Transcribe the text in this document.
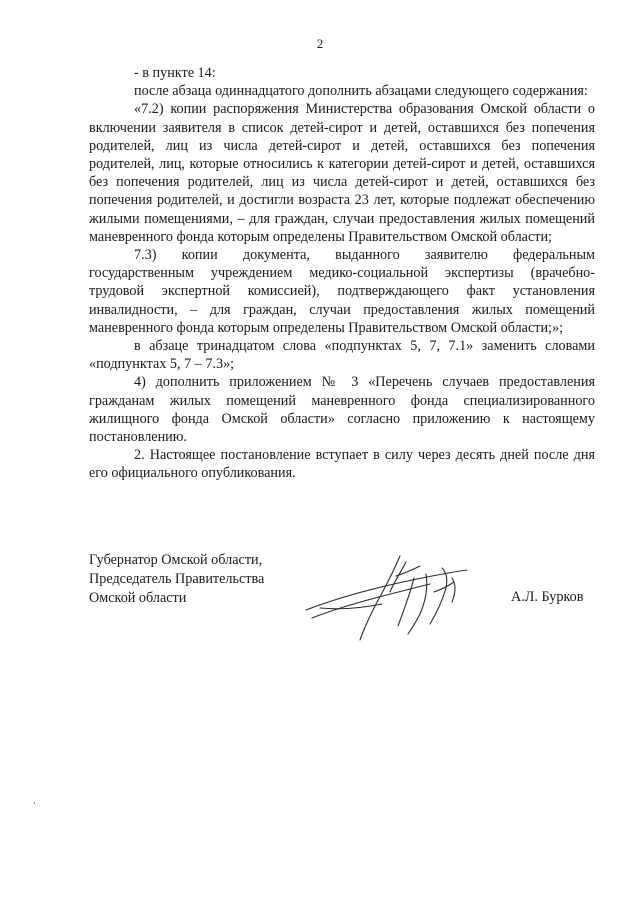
2

- в пункте 14:

после абзаца одиннадцатого дополнить абзацами следующего содержания:

«7.2) копии распоряжения Министерства образования Омской области о включении заявителя в список детей-сирот и детей, оставшихся без попечения родителей, лиц из числа детей-сирот и детей, оставшихся без попечения родителей, лиц, которые относились к категории детей-сирот и детей, оставшихся без попечения родителей, лиц из числа детей-сирот и детей, оставшихся без попечения родителей, и достигли возраста 23 лет, которые подлежат обеспечению жилыми помещениями, – для граждан, случаи предоставления жилых помещений маневренного фонда которым определены Правительством Омской области;

7.3) копии документа, выданного заявителю федеральным государственным учреждением медико-социальной экспертизы (врачебно-трудовой экспертной комиссией), подтверждающего факт установления инвалидности, – для граждан, случаи предоставления жилых помещений маневренного фонда которым определены Правительством Омской области;»;

в абзаце тринадцатом слова «подпунктах 5, 7, 7.1» заменить словами «подпунктах 5, 7 – 7.3»;

4) дополнить приложением № 3 «Перечень случаев предоставления гражданам жилых помещений маневренного фонда специализированного жилищного фонда Омской области» согласно приложению к настоящему постановлению.

2. Настоящее постановление вступает в силу через десять дней после дня его официального опубликования.

Губернатор Омской области,
Председатель Правительства
Омской области	А.Л. Бурков
